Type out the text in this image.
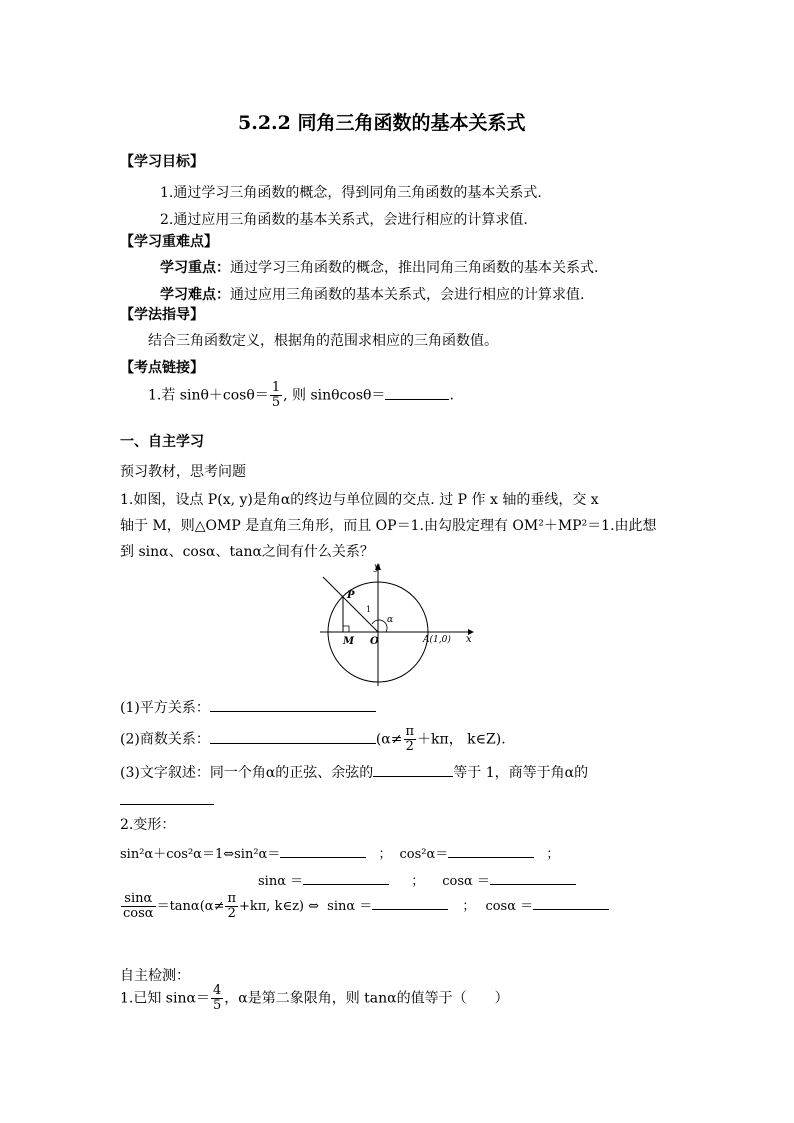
5.2.2 同角三角函数的基本关系式
【学习目标】
1.通过学习三角函数的概念，得到同角三角函数的基本关系式.
2.通过应用三角函数的基本关系式，会进行相应的计算求值.
【学习重难点】
学习重点：通过学习三角函数的概念，推出同角三角函数的基本关系式.
学习难点：通过应用三角函数的基本关系式，会进行相应的计算求值.
【学法指导】
结合三角函数定义，根据角的范围求相应的三角函数值。
【考点链接】
1.若 $\sin\theta+\cos\theta= \frac{1}{5}$ , 则 sinθcosθ＝	.
一、自主学习
预习教材，思考问题
1.如图，设点 P(x, y)是角α的终边与单位圆的交点. 过 P 作 x 轴的垂线，交 x
轴于 M，则△OMP 是直角三角形，而且 OP＝1.由勾股定理有 OM²＋MP²＝1.由此想
到 sinα、cosα、tanα之间有什么关系？
y
x
P
M O
1
α
A(1,0)
(1)平方关系：
(2)商数关系：	($\alpha\ne \frac{\pi}{2} +k\pi$， k∈Z).
(3)文字叙述：同一个角α的正弦、余弦的	等于 1，商等于角α的
2.变形：
sin²α＋cos²α＝1⇔sin²α＝	； cos²α＝	；
sinα ＝	； cosα ＝
$\frac{\sin\alpha}{\cos\alpha} =\tan\alpha(\alpha\ne \frac{\pi}{2} +k\pi$, k∈z) ⇔ sinα ＝	； cosα ＝
自主检测：
1.已知 $\sin\alpha= \frac{4}{5}$ ，α是第二象限角，则 tanα的值等于（　　）
